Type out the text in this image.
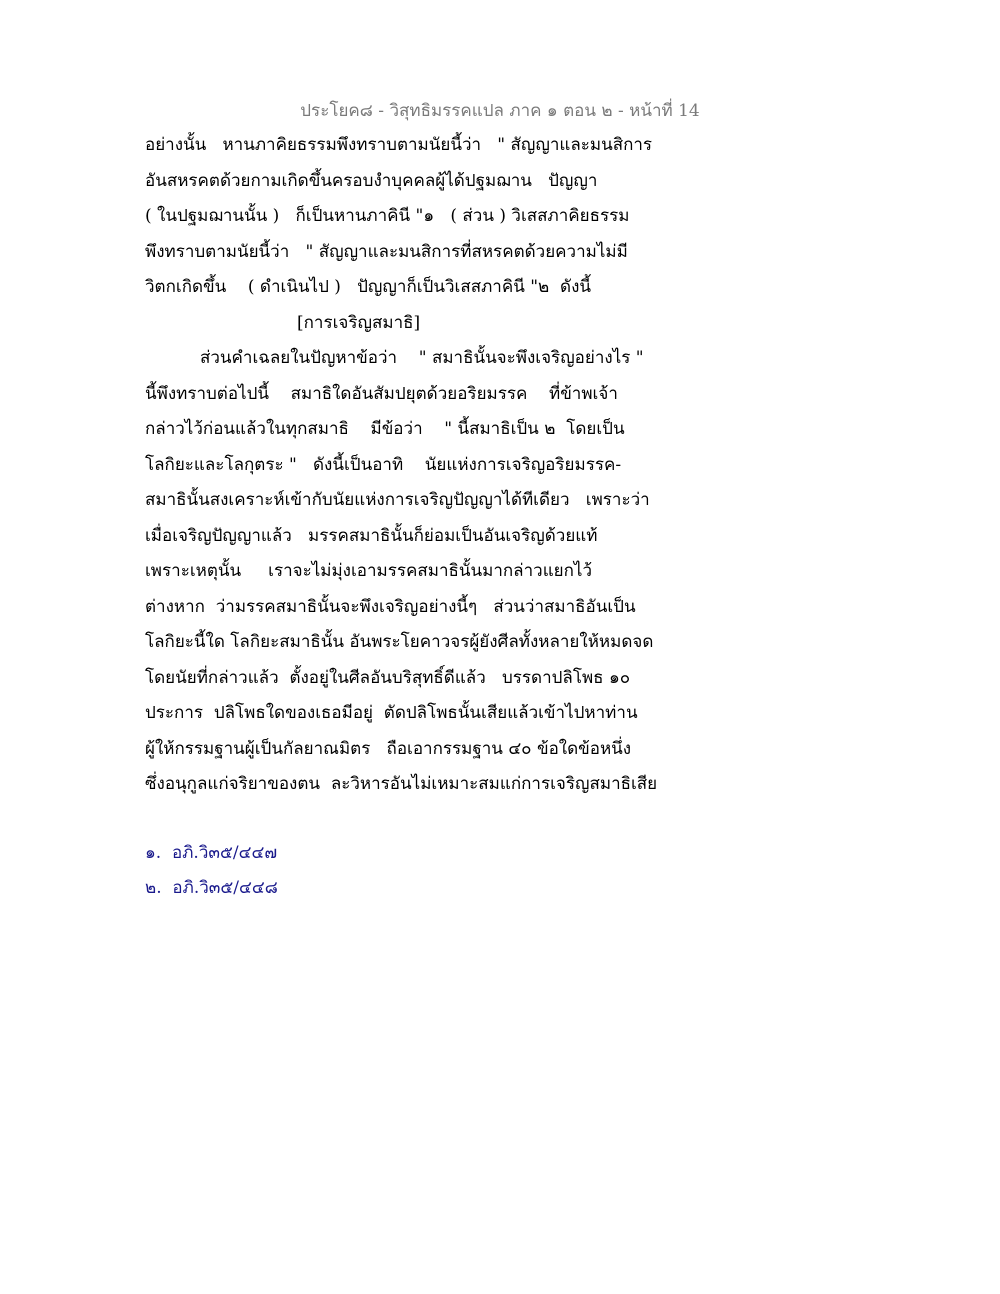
ประโยค๘ - วิสุทธิมรรคแปล ภาค ๑ ตอน ๒ - หน้าที่ 14
อย่างนั้น   หานภาคิยธรรมพึงทราบตามนัยนี้ว่า   " สัญญาและมนสิการ
อันสหรคตด้วยกามเกิดขึ้นครอบงำบุคคลผู้ได้ปฐมฌาน   ปัญญา
( ในปฐมฌานนั้น )   ก็เป็นหานภาคินี "๑   ( ส่วน ) วิเสสภาคิยธรรม
พึงทราบตามนัยนี้ว่า   " สัญญาและมนสิการที่สหรคตด้วยความไม่มี
วิตกเกิดขึ้น    ( ดำเนินไป )   ปัญญาก็เป็นวิเสสภาคินี "๒  ดังนี้
[การเจริญสมาธิ]
ส่วนคำเฉลยในปัญหาข้อว่า    " สมาธินั้นจะพึงเจริญอย่างไร "
นี้พึงทราบต่อไปนี้    สมาธิใดอันสัมปยุตด้วยอริยมรรค    ที่ข้าพเจ้า
กล่าวไว้ก่อนแล้วในทุกสมาธิ    มีข้อว่า    " นี้สมาธิเป็น ๒  โดยเป็น
โลกิยะและโลกุตระ "   ดังนี้เป็นอาทิ    นัยแห่งการเจริญอริยมรรค-
สมาธินั้นสงเคราะห์เข้ากับนัยแห่งการเจริญปัญญาได้ทีเดียว   เพราะว่า
เมื่อเจริญปัญญาแล้ว   มรรคสมาธินั้นก็ย่อมเป็นอันเจริญด้วยแท้
เพราะเหตุนั้น     เราจะไม่มุ่งเอามรรคสมาธินั้นมากล่าวแยกไว้
ต่างหาก  ว่ามรรคสมาธินั้นจะพึงเจริญอย่างนี้ๆ   ส่วนว่าสมาธิอันเป็น
โลกิยะนี้ใด โลกิยะสมาธินั้น อันพระโยคาวจรผู้ยังศีลทั้งหลายให้หมดจด
โดยนัยที่กล่าวแล้ว  ตั้งอยู่ในศีลอันบริสุทธิ์ดีแล้ว   บรรดาปลิโพธ ๑๐
ประการ  ปลิโพธใดของเธอมีอยู่  ตัดปลิโพธนั้นเสียแล้วเข้าไปหาท่าน
ผู้ให้กรรมฐานผู้เป็นกัลยาณมิตร   ถือเอากรรมฐาน ๔๐ ข้อใดข้อหนึ่ง
ซึ่งอนุกูลแก่จริยาของตน  ละวิหารอันไม่เหมาะสมแก่การเจริญสมาธิเสีย
๑.  อภิ.วิ๓๕/๔๔๗
๒.  อภิ.วิ๓๕/๔๔๘
